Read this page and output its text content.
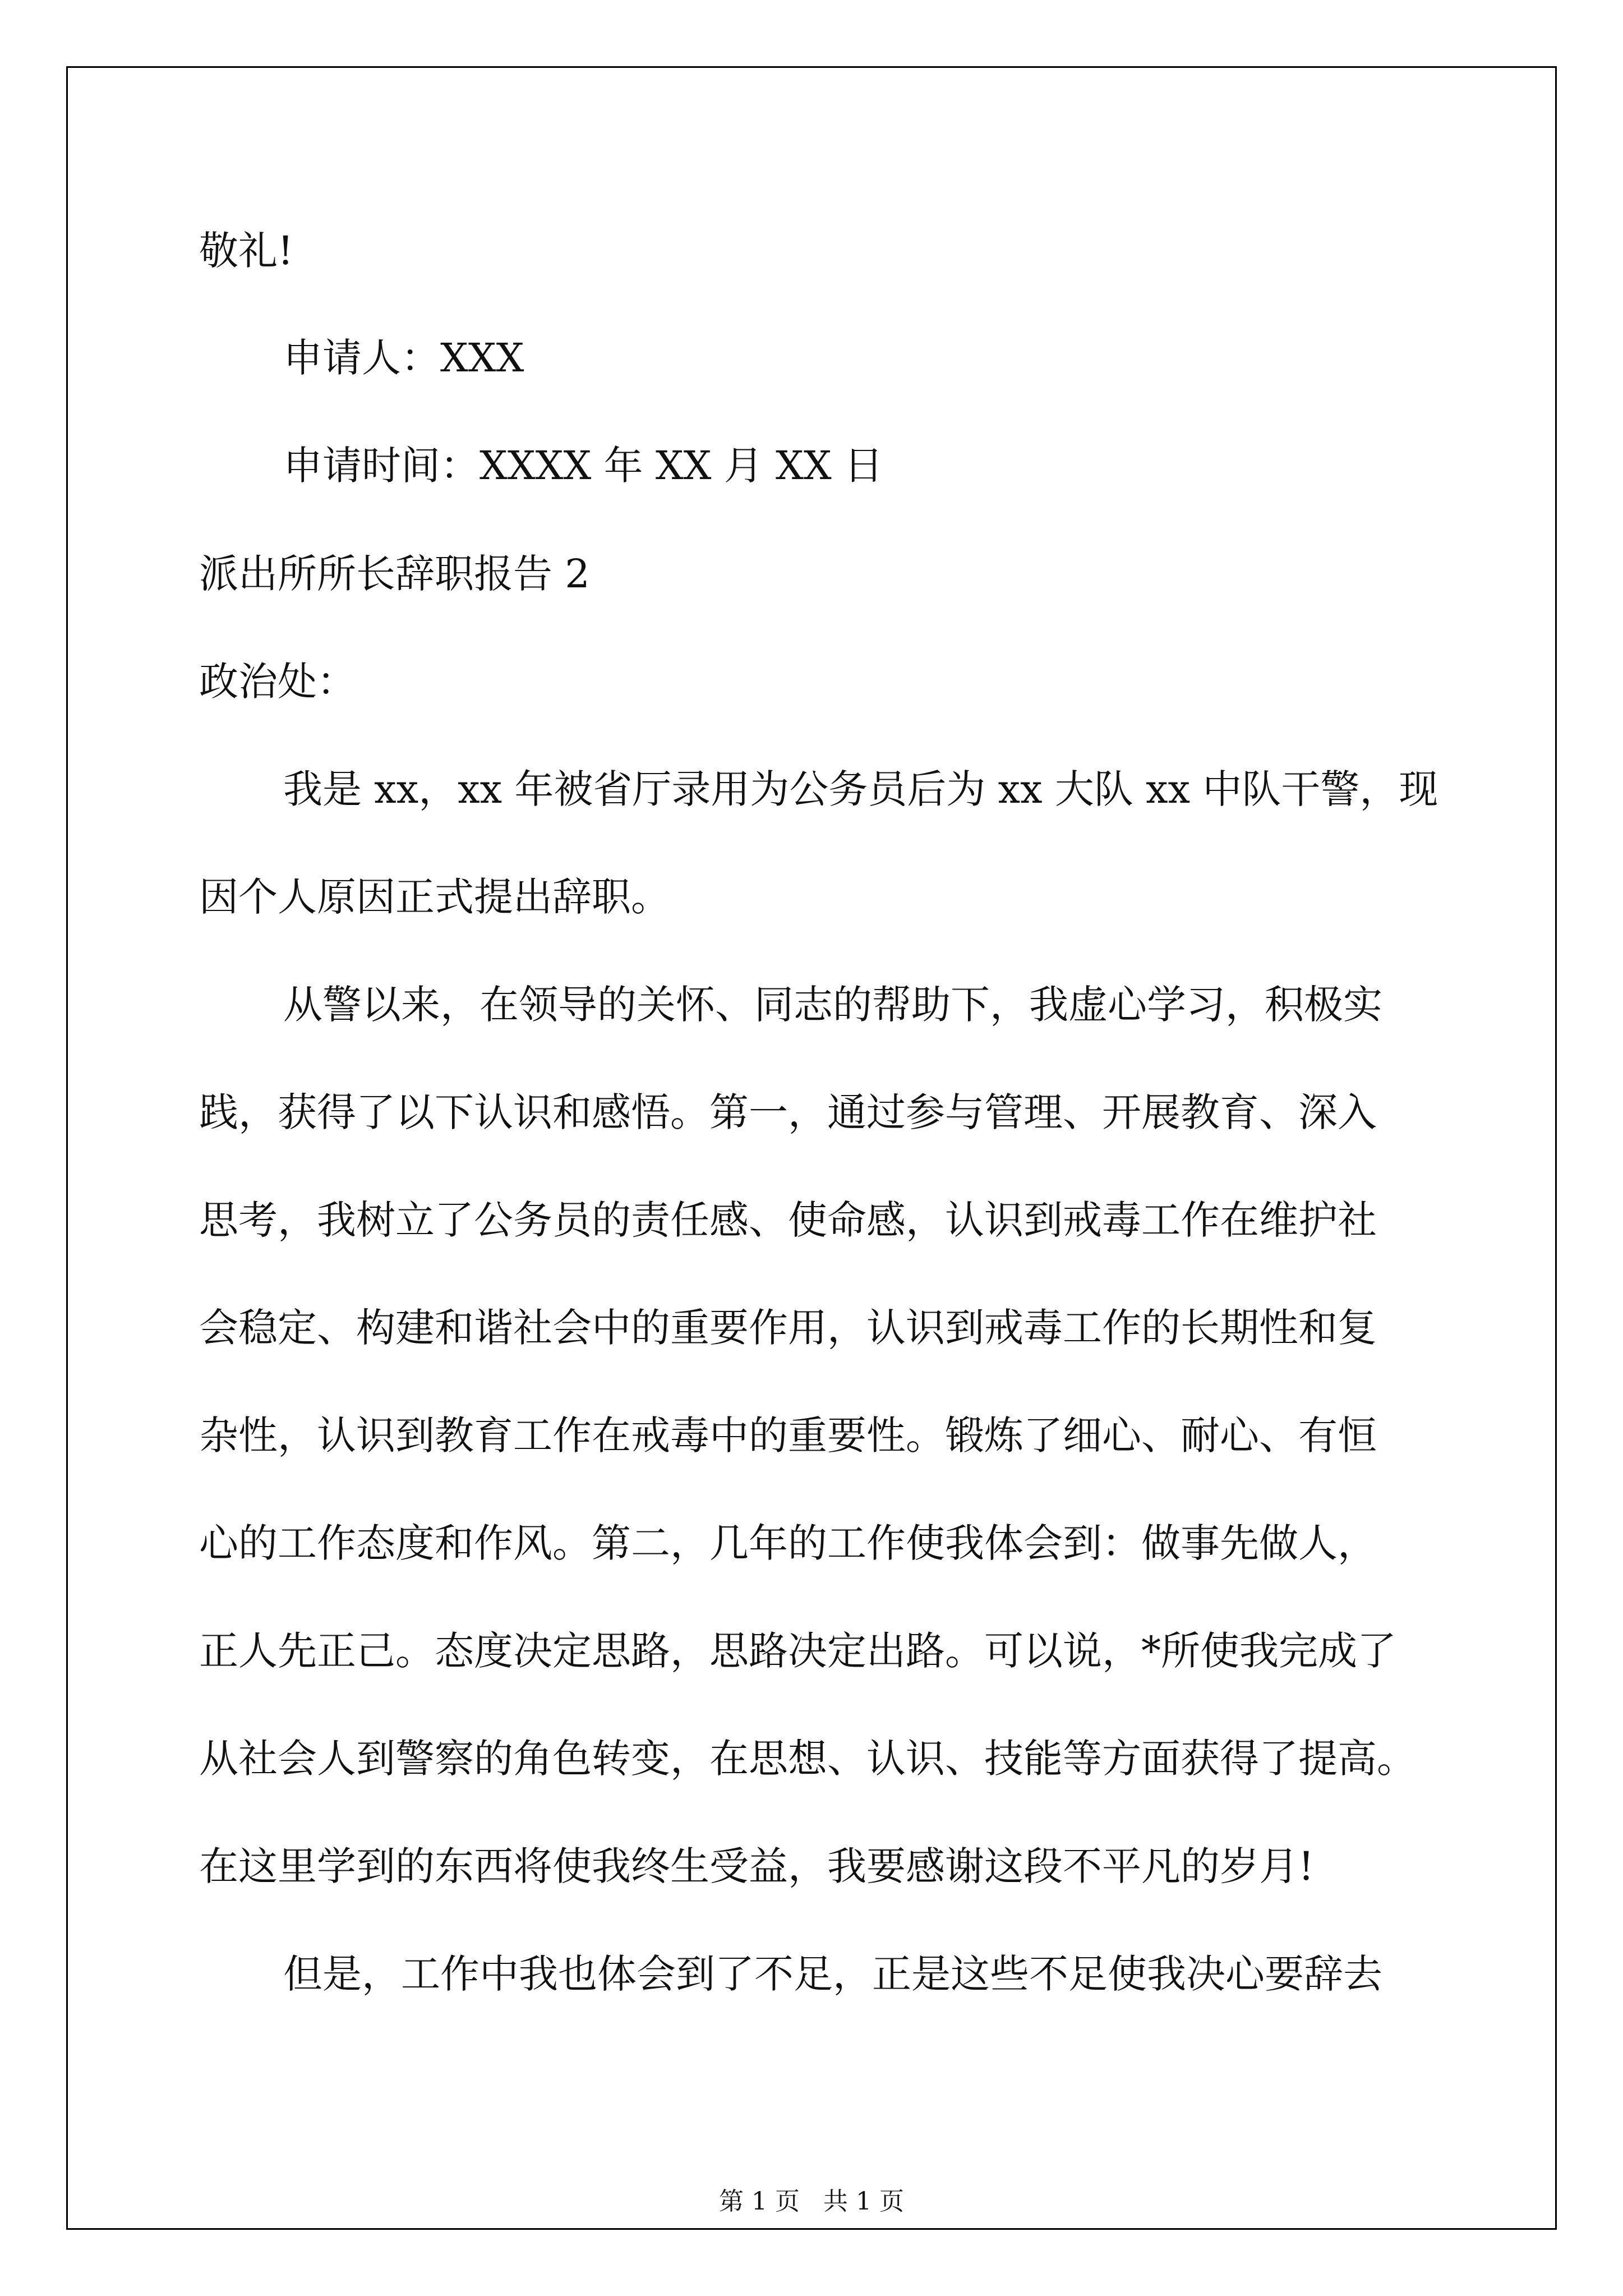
敬礼!
申请人：XXX
申请时间：XXXX 年 XX 月 XX 日
派出所所长辞职报告 2
政治处：
我是 xx，xx 年被省厅录用为公务员后为 xx 大队 xx 中队干警，现
因个人原因正式提出辞职。
从警以来，在领导的关怀、同志的帮助下，我虚心学习，积极实
践，获得了以下认识和感悟。第一，通过参与管理、开展教育、深入
思考，我树立了公务员的责任感、使命感，认识到戒毒工作在维护社
会稳定、构建和谐社会中的重要作用，认识到戒毒工作的长期性和复
杂性，认识到教育工作在戒毒中的重要性。锻炼了细心、耐心、有恒
心的工作态度和作风。第二，几年的工作使我体会到：做事先做人，
正人先正己。态度决定思路，思路决定出路。可以说，*所使我完成了
从社会人到警察的角色转变，在思想、认识、技能等方面获得了提高。
在这里学到的东西将使我终生受益，我要感谢这段不平凡的岁月!
但是，工作中我也体会到了不足，正是这些不足使我决心要辞去
第 1 页   共 1 页
